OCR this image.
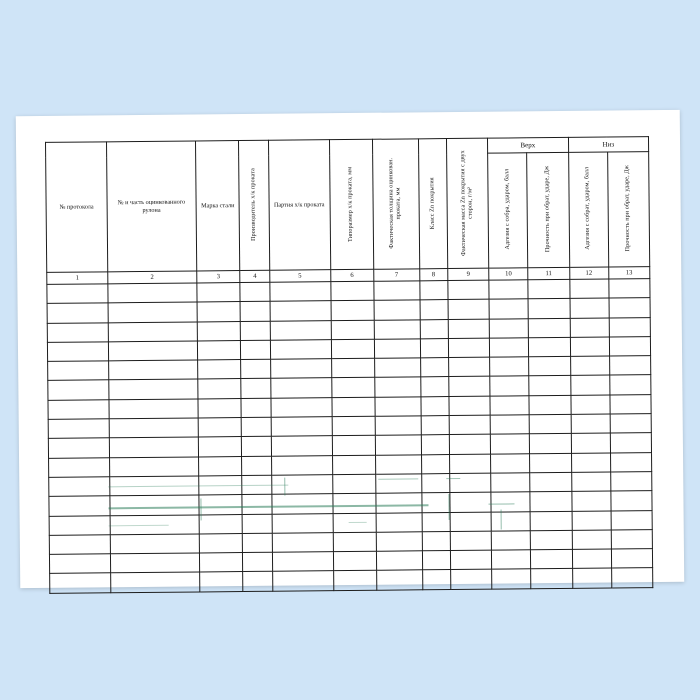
№ протокола	№ и часть оцинкованного рулона	Марка стали	Производитель х/к проката	Партия х/к проката	Типоразмер х/к проката, мм	Фактическая толщина оцинкован. проката, мм	Класс Zn покрытия	Фактическая масса Zn покрытия с двух сторон, г/м²	Верх		Низ	
									Адгезия с собра, ударом, балл	Прочность при обрат, ударе, Дж	Адгезия с собрат, ударом, балл	Прочность при обрат, ударе, Дж
1	2	3	4	5	6	7	8	9	10	11	12	13
